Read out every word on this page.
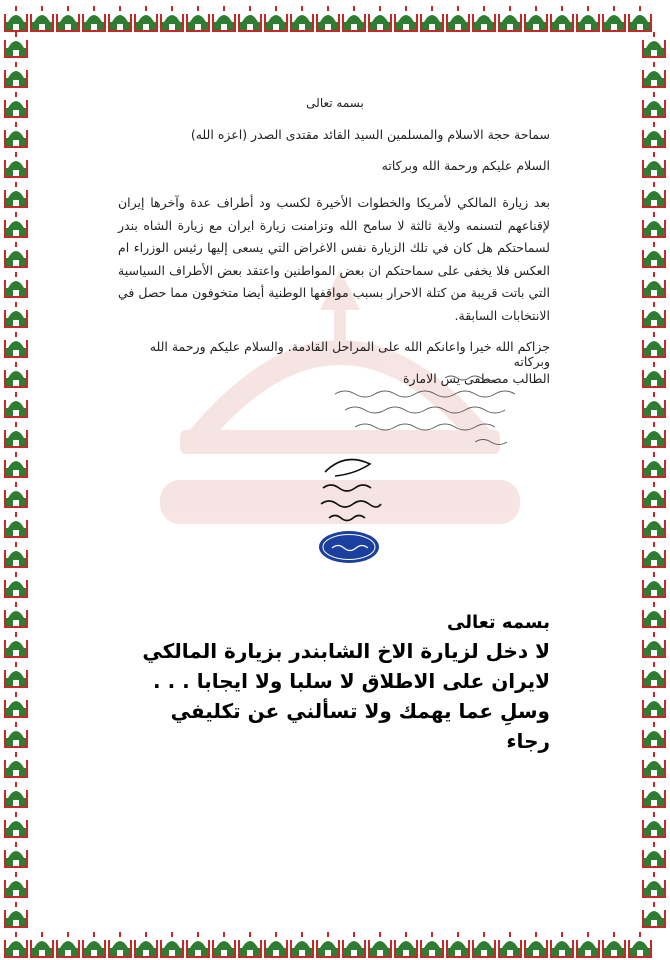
بسمه تعالى
سماحة حجة الاسلام والمسلمين السيد القائد مقتدى الصدر (اعزه الله)
السلام عليكم ورحمة الله وبركاته
بعد زيارة المالكي لأمريكا والخطوات الأخيرة لكسب ود أطراف عدة وآخرها إيران لإقناعهم لتسنمه ولاية ثالثة لا سامح الله وتزامنت زيارة ايران مع زيارة الشاه بندر لسماحتكم هل كان في تلك الزيارة نفس الاغراض التي يسعى إليها رئيس الوزراء ام العكس فلا يخفى على سماحتكم ان بعض المواطنين واعتقد بعض الأطراف السياسية التي باتت قريبة من كتلة الاحرار بسبب مواقفها الوطنية أيضا متخوفون مما حصل في الانتخابات السابقة.
جزاكم الله خيرا واعانكم الله على المراحل القادمة. والسلام عليكم ورحمة الله وبركاته
الطالب مصطفى يس الامارة
بسمه تعالى
لا دخل لزيارة الاخ الشابندر بزيارة المالكي
لايران على الاطلاق لا سلبا ولا ايجابا . . .
وسلِ عما يهمك ولا تسألني عن تكليفي
رجاء
